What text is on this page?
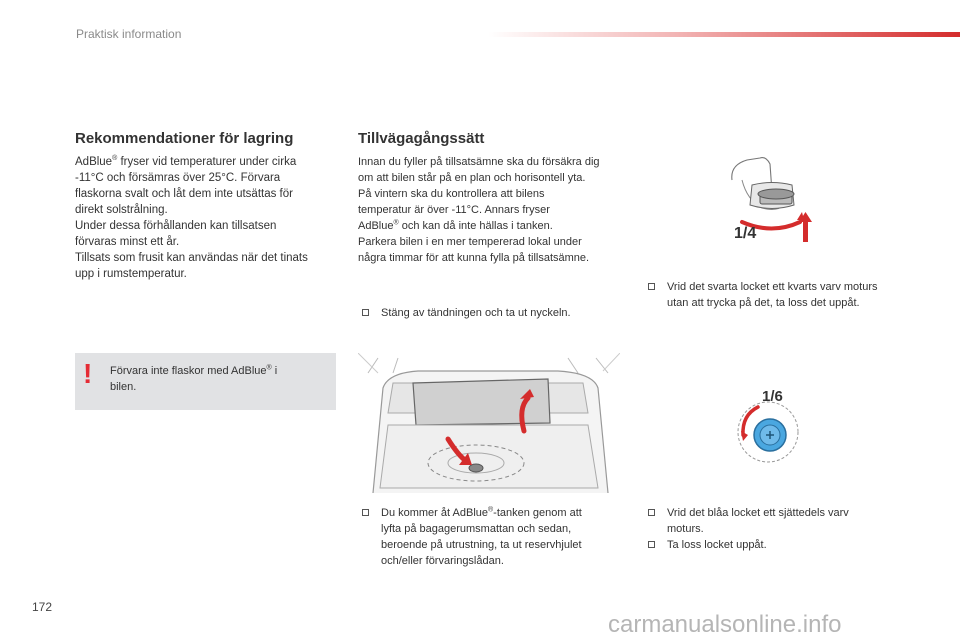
Praktisk information
Rekommendationer för lagring

AdBlue® fryser vid temperaturer under cirka

-11°C och försämras över 25°C. Förvara

flaskorna svalt och låt dem inte utsättas för

direkt solstrålning.

Under dessa förhållanden kan tillsatsen

förvaras minst ett år.

Tillsats som frusit kan användas när det tinats

upp i rumstemperatur.

! Förvara inte flaskor med AdBlue® i
bilen.
Tillvägagångssätt

Innan du fyller på tillsatsämne ska du försäkra dig

om att bilen står på en plan och horisontell yta.

På vintern ska du kontrollera att bilens

temperatur är över -11°C. Annars fryser

AdBlue® och kan då inte hällas i tanken.

Parkera bilen i en mer tempererad lokal under

några timmar för att kunna fylla på tillsatsämne.

Stäng av tändningen och ta ut nyckeln.
Du kommer åt AdBlue®-tanken genom att
lyfta på bagagerumsmattan och sedan,
beroende på utrustning, ta ut reservhjulet
och/eller förvaringslådan.
1/4
Vrid det svarta locket ett kvarts varv moturs
utan att trycka på det, ta loss det uppåt.
1/6
Vrid det blåa locket ett sjättedels varv
moturs.
Ta loss locket uppåt.
172
carmanualsonline.info
